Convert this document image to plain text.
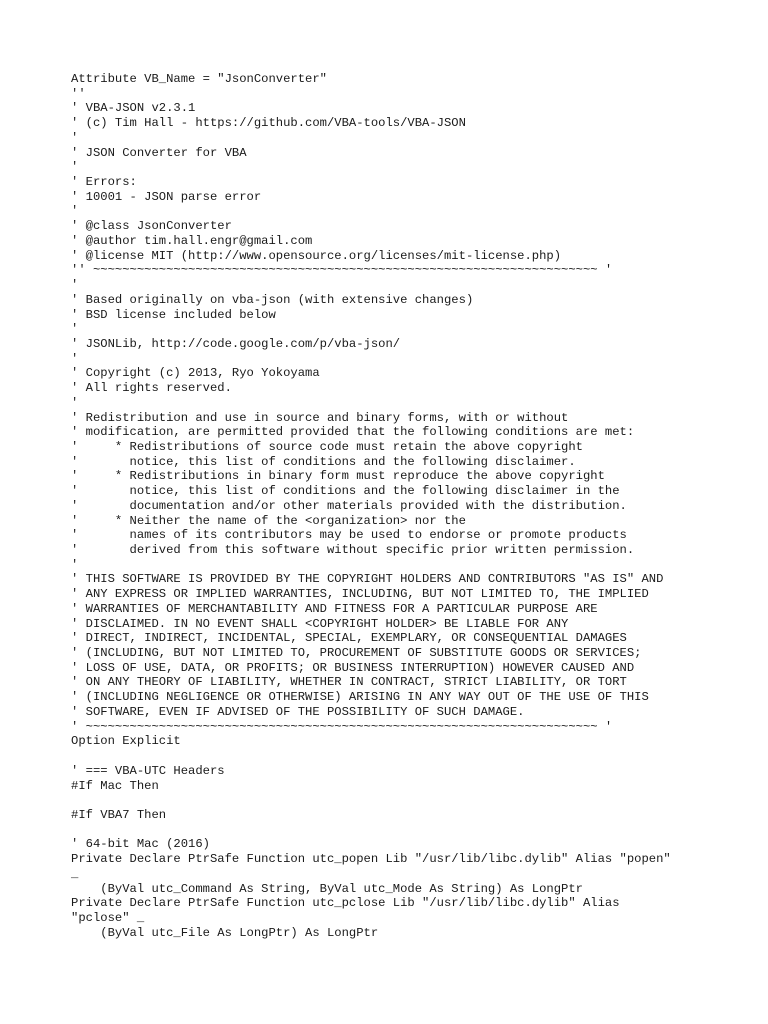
Attribute VB_Name = "JsonConverter"
''
' VBA-JSON v2.3.1
' (c) Tim Hall - https://github.com/VBA-tools/VBA-JSON
'
' JSON Converter for VBA
'
' Errors:
' 10001 - JSON parse error
'
' @class JsonConverter
' @author tim.hall.engr@gmail.com
' @license MIT (http://www.opensource.org/licenses/mit-license.php)
'' ~~~~~~~~~~~~~~~~~~~~~~~~~~~~~~~~~~~~~~~~~~~~~~~~~~~~~~~~~~~~~~~~~~~~~ '
'
' Based originally on vba-json (with extensive changes)
' BSD license included below
'
' JSONLib, http://code.google.com/p/vba-json/
'
' Copyright (c) 2013, Ryo Yokoyama
' All rights reserved.
'
' Redistribution and use in source and binary forms, with or without
' modification, are permitted provided that the following conditions are met:
'     * Redistributions of source code must retain the above copyright
'       notice, this list of conditions and the following disclaimer.
'     * Redistributions in binary form must reproduce the above copyright
'       notice, this list of conditions and the following disclaimer in the
'       documentation and/or other materials provided with the distribution.
'     * Neither the name of the <organization> nor the
'       names of its contributors may be used to endorse or promote products
'       derived from this software without specific prior written permission.
'
' THIS SOFTWARE IS PROVIDED BY THE COPYRIGHT HOLDERS AND CONTRIBUTORS "AS IS" AND
' ANY EXPRESS OR IMPLIED WARRANTIES, INCLUDING, BUT NOT LIMITED TO, THE IMPLIED
' WARRANTIES OF MERCHANTABILITY AND FITNESS FOR A PARTICULAR PURPOSE ARE
' DISCLAIMED. IN NO EVENT SHALL <COPYRIGHT HOLDER> BE LIABLE FOR ANY
' DIRECT, INDIRECT, INCIDENTAL, SPECIAL, EXEMPLARY, OR CONSEQUENTIAL DAMAGES
' (INCLUDING, BUT NOT LIMITED TO, PROCUREMENT OF SUBSTITUTE GOODS OR SERVICES;
' LOSS OF USE, DATA, OR PROFITS; OR BUSINESS INTERRUPTION) HOWEVER CAUSED AND
' ON ANY THEORY OF LIABILITY, WHETHER IN CONTRACT, STRICT LIABILITY, OR TORT
' (INCLUDING NEGLIGENCE OR OTHERWISE) ARISING IN ANY WAY OUT OF THE USE OF THIS
' SOFTWARE, EVEN IF ADVISED OF THE POSSIBILITY OF SUCH DAMAGE.
' ~~~~~~~~~~~~~~~~~~~~~~~~~~~~~~~~~~~~~~~~~~~~~~~~~~~~~~~~~~~~~~~~~~~~~~ '
Option Explicit
' === VBA-UTC Headers
#If Mac Then
#If VBA7 Then
' 64-bit Mac (2016)
Private Declare PtrSafe Function utc_popen Lib "/usr/lib/libc.dylib" Alias "popen"
_
(ByVal utc_Command As String, ByVal utc_Mode As String) As LongPtr
Private Declare PtrSafe Function utc_pclose Lib "/usr/lib/libc.dylib" Alias
"pclose" _
(ByVal utc_File As LongPtr) As LongPtr
